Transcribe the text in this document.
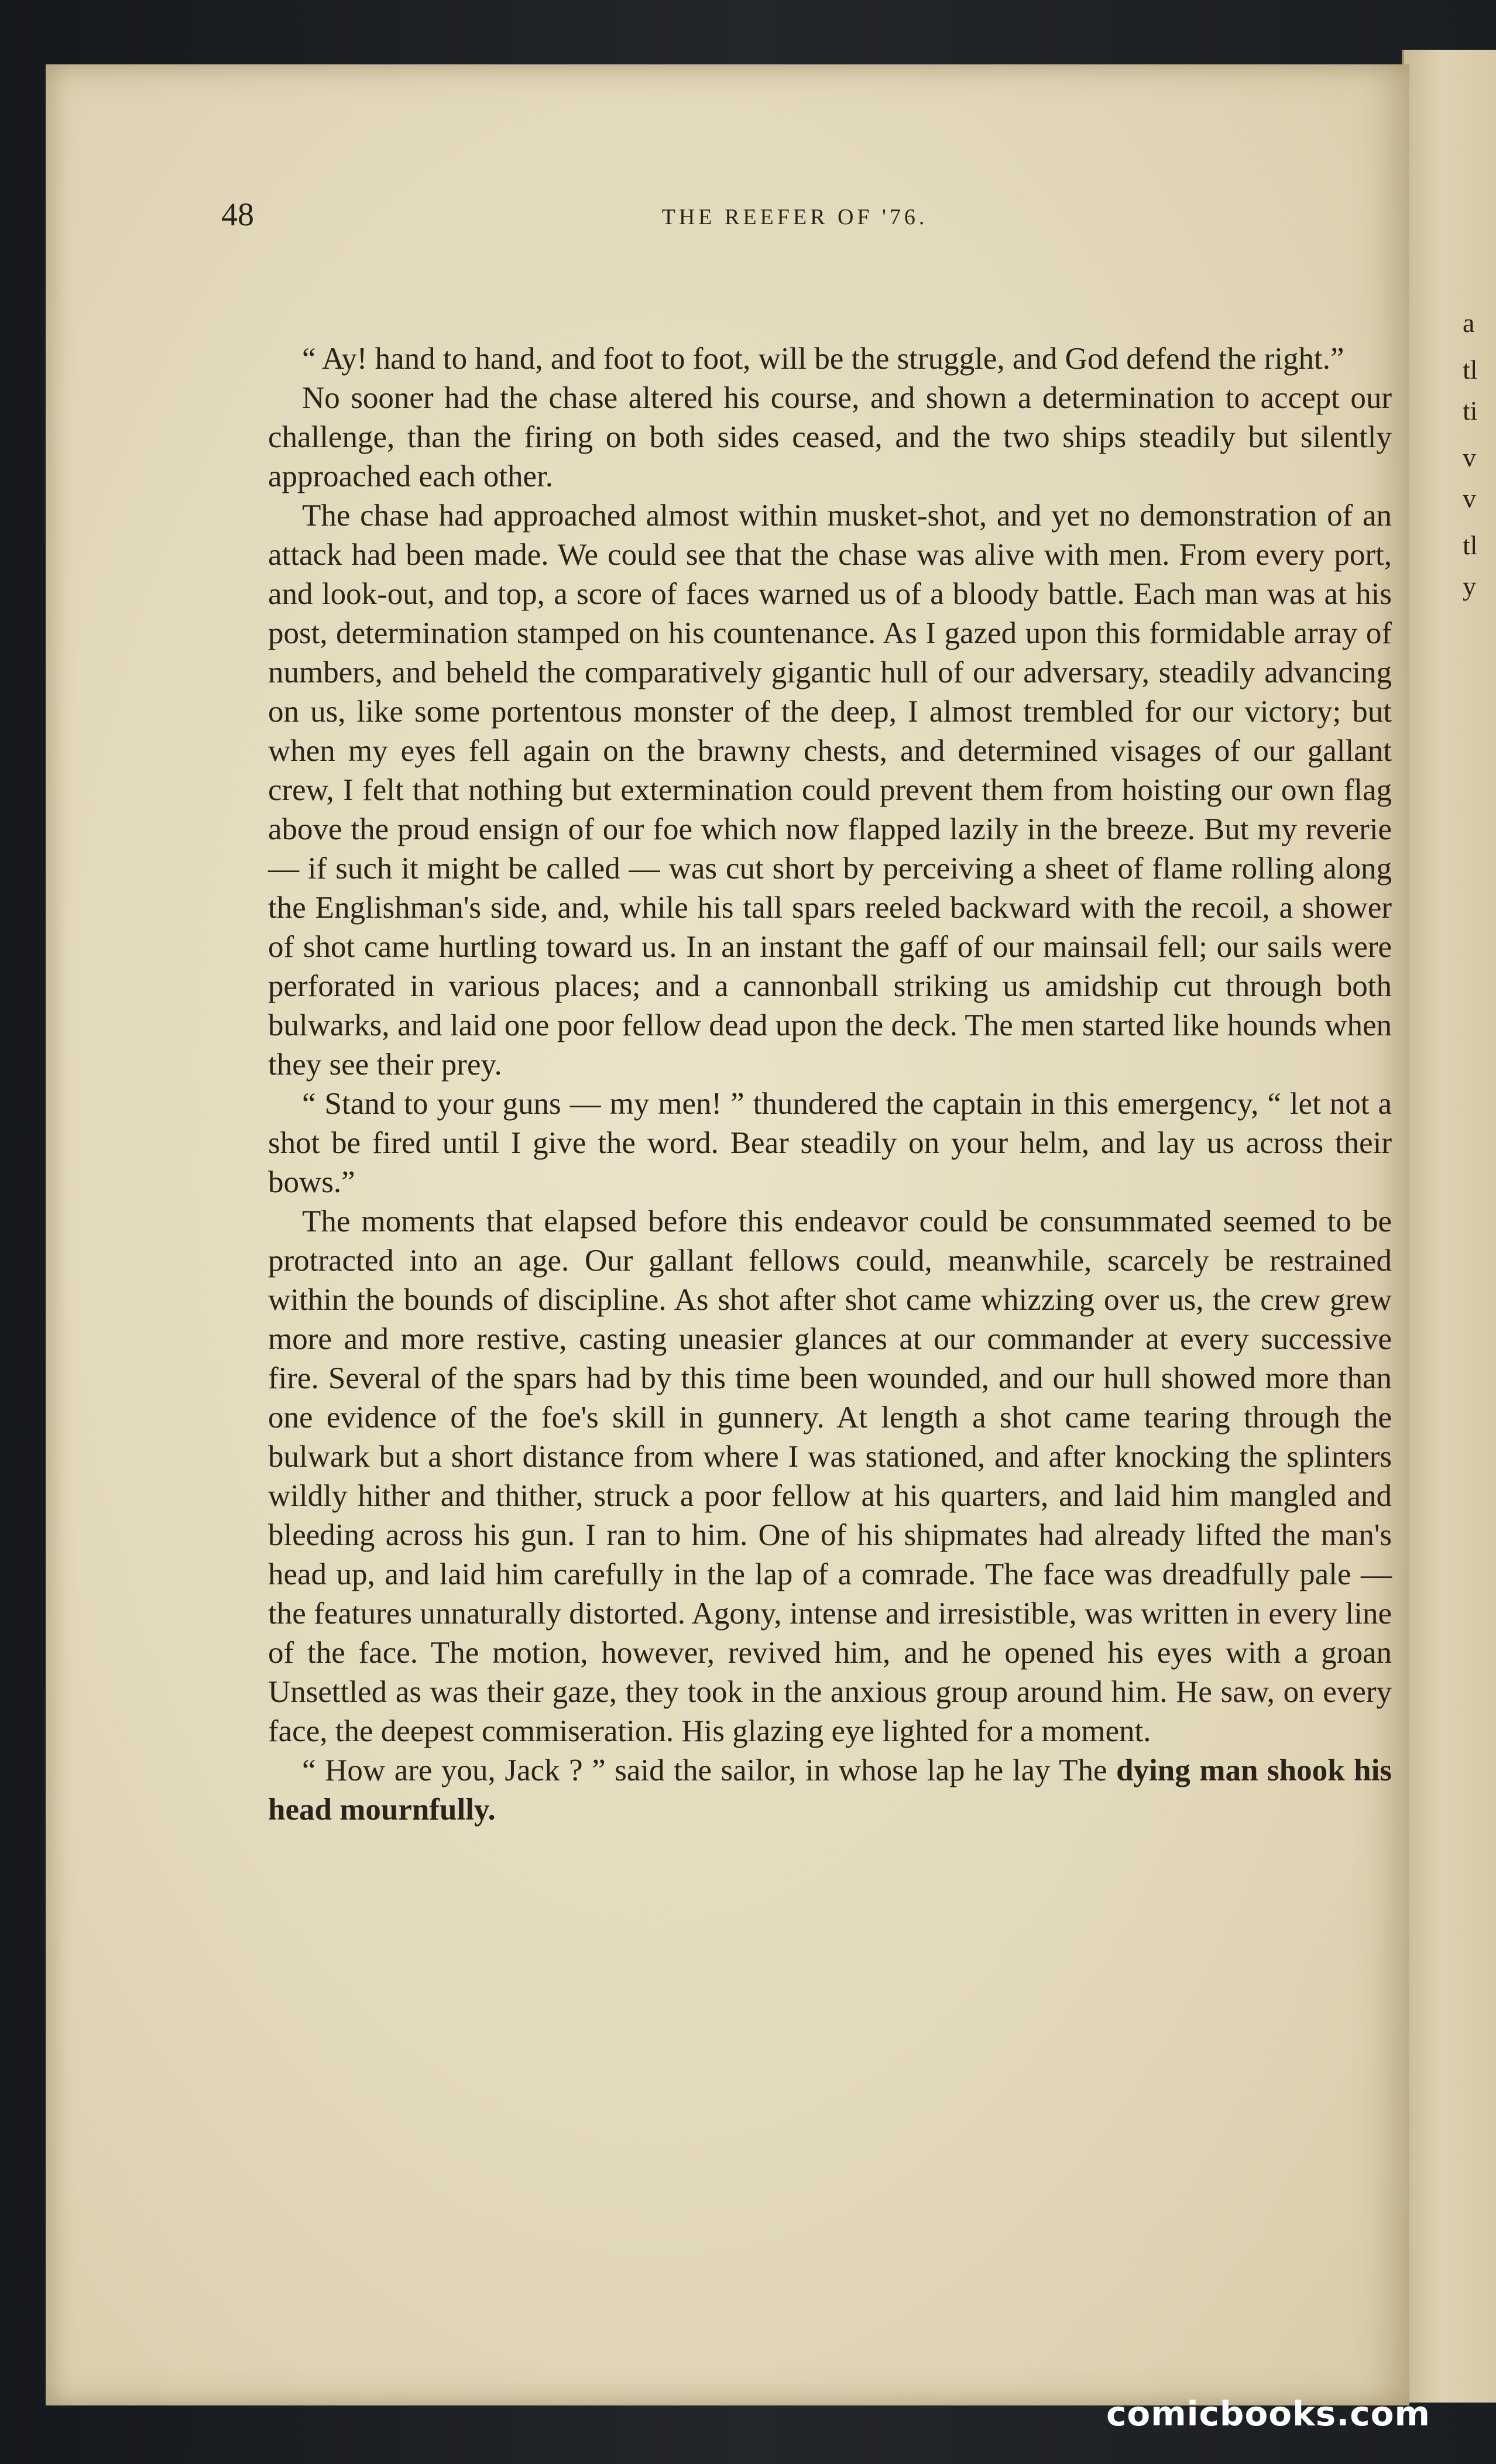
a
tl
ti
v
v
tl
y
48	THE REEFER OF '76.

“ Ay! hand to hand, and foot to foot, will be the struggle, and God defend the right.”

No sooner had the chase altered his course, and shown a determination to accept our challenge, than the firing on both sides ceased, and the two ships steadily but silently approached each other.

The chase had approached almost within musket-shot, and yet no demonstration of an attack had been made. We could see that the chase was alive with men. From every port, and look-out, and top, a score of faces warned us of a bloody battle. Each man was at his post, determination stamped on his countenance. As I gazed upon this formidable array of numbers, and beheld the comparatively gigantic hull of our adversary, steadily advancing on us, like some portentous monster of the deep, I almost trembled for our victory; but when my eyes fell again on the brawny chests, and determined visages of our gallant crew, I felt that nothing but extermination could prevent them from hoisting our own flag above the proud ensign of our foe which now flapped lazily in the breeze. But my reverie — if such it might be called — was cut short by perceiving a sheet of flame rolling along the Englishman's side, and, while his tall spars reeled backward with the recoil, a shower of shot came hurtling toward us. In an instant the gaff of our mainsail fell; our sails were perforated in various places; and a cannonball striking us amidship cut through both bulwarks, and laid one poor fellow dead upon the deck. The men started like hounds when they see their prey.

“ Stand to your guns — my men! ” thundered the captain in this emergency, “ let not a shot be fired until I give the word. Bear steadily on your helm, and lay us across their bows.”

The moments that elapsed before this endeavor could be consummated seemed to be protracted into an age. Our gallant fellows could, meanwhile, scarcely be restrained within the bounds of discipline. As shot after shot came whizzing over us, the crew grew more and more restive, casting uneasier glances at our commander at every successive fire. Several of the spars had by this time been wounded, and our hull showed more than one evidence of the foe's skill in gunnery. At length a shot came tearing through the bulwark but a short distance from where I was stationed, and after knocking the splinters wildly hither and thither, struck a poor fellow at his quarters, and laid him mangled and bleeding across his gun. I ran to him. One of his shipmates had already lifted the man's head up, and laid him carefully in the lap of a comrade. The face was dreadfully pale — the features unnaturally distorted. Agony, intense and irresistible, was written in every line of the face. The motion, however, revived him, and he opened his eyes with a groan Unsettled as was their gaze, they took in the anxious group around him. He saw, on every face, the deepest commiseration. His glazing eye lighted for a moment.

“ How are you, Jack ? ” said the sailor, in whose lap he lay The dying man shook his head mournfully.

comicbooks.com
